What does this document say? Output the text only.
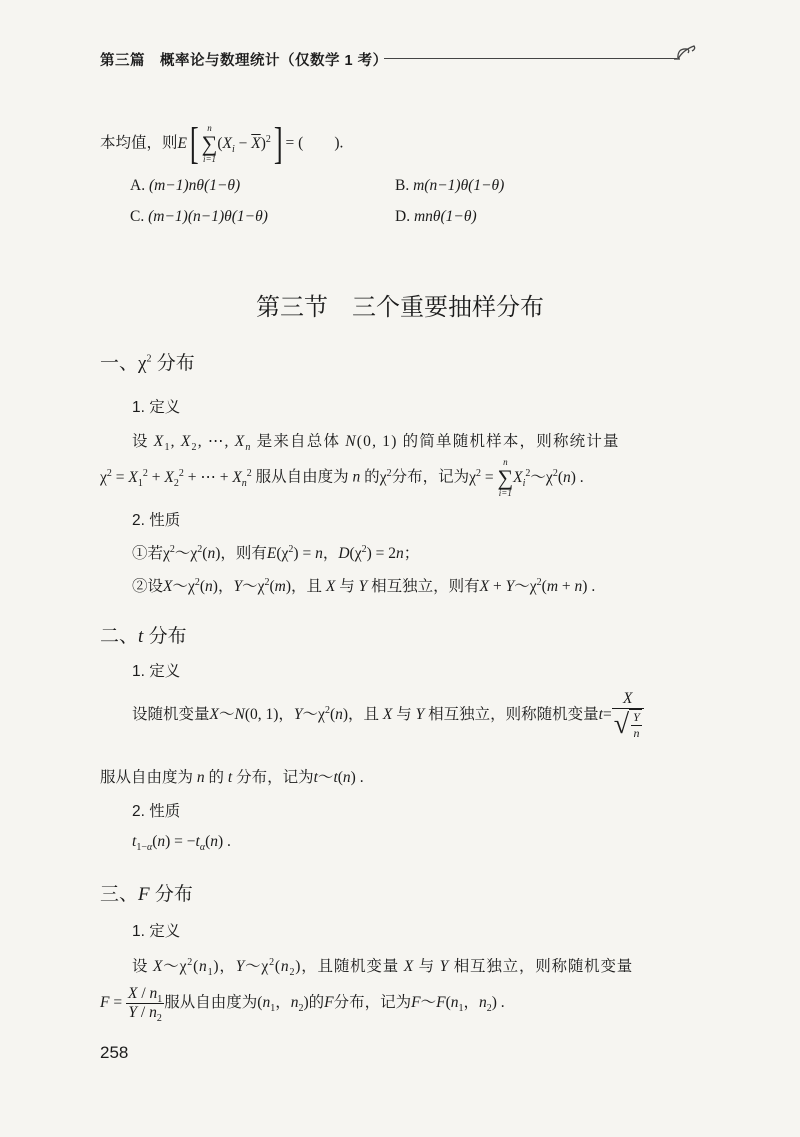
第三篇　概率论与数理统计（仅数学 1 考）
本均值，则E[ n
∑
i=1
$(X_i - \overline{X})^2$] = (　　).
A. (m−1)nθ(1−θ)	B. m(n−1)θ(1−θ)
C. (m−1)(n−1)θ(1−θ)	D. mnθ(1−θ)
第三节　三个重要抽样分布
一、$\chi^2$ 分布
1. 定义
设 $X_1$, $X_2$, ⋯, $X_n$ 是来自总体 N(0, 1) 的简单随机样本，则称统计量
$\chi^2 = X_1^2 + X_2^2$ + ⋯ + $X_n^2$ 服从自由度为 n 的$\chi^2$分布，记为$\chi^2$ =
n
∑
i=1
$X_i^2\sim\chi^2(n)$ .
2. 性质
①若$\chi^2\sim\chi^2(n)$，则有$E(\chi^2) = n$，$D(\chi^2) = 2n$；
②设$X\sim\chi^2(n)$，$Y\sim\chi^2(m)$，且 X 与 Y 相互独立，则有$X + Y\sim\chi^2(m + n)$ .
二、t 分布
1. 定义
设随机变量X～N(0, 1)，$Y\sim\chi^2(n)$，且 X 与 Y 相互独立，则称随机变量$t= \frac{X}{√ \frac{Y}{n}}$
服从自由度为 n 的 t 分布，记为t～t(n) .
2. 性质
$t_{1-\alpha}(n) = -t_\alpha(n)$ .
三、F 分布
1. 定义
设 $X\sim\chi^2(n_1)$，$Y\sim\chi^2(n_2)$，且随机变量 X 与 Y 相互独立，则称随机变量
$F = \frac{X / n_1}{Y / n_2}$ 服从自由度为($n_1$，$n_2$)的F分布，记为$F\sim F(n_1$，$n_2$) .
258
